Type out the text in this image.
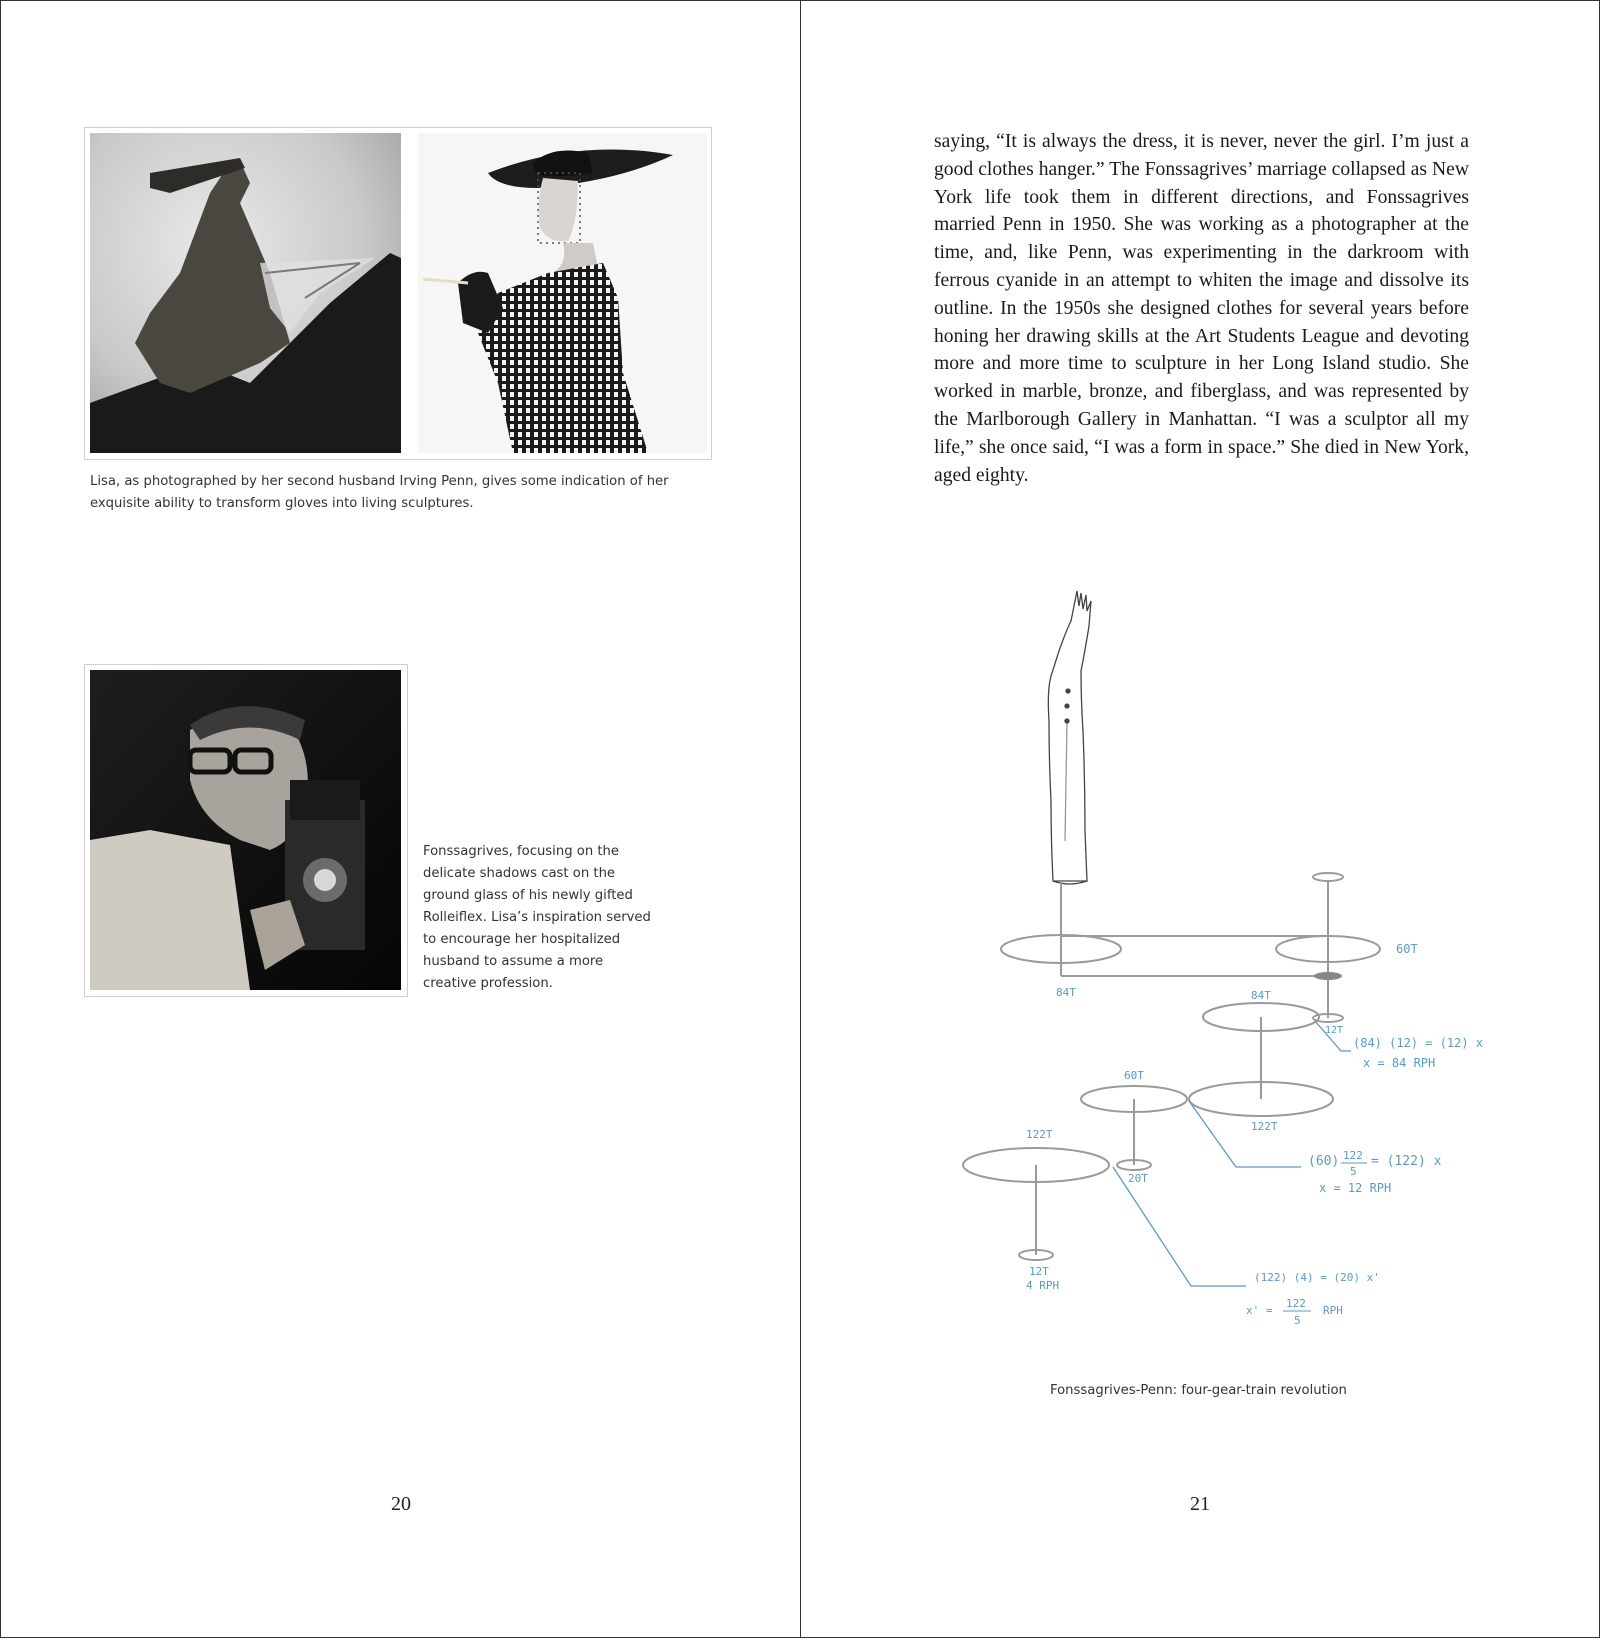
Lisa, as photographed by her second husband Irving Penn, gives some indication of her exquisite ability to transform gloves into living sculptures.
Fonssagrives, focusing on the delicate shadows cast on the ground glass of his newly gifted Rolleiflex. Lisa’s inspiration served to encourage her hospitalized husband to assume a more creative profession.
20
saying, “It is always the dress, it is never, never the girl. I’m just a good clothes hanger.” The Fonssagrives’ marriage collapsed as New York life took them in different directions, and Fonssagrives married Penn in 1950. She was working as a photographer at the time, and, like Penn, was experimenting in the darkroom with ferrous cyanide in an attempt to whiten the image and dissolve its outline. In the 1950s she designed clothes for several years before honing her drawing skills at the Art Students League and devoting more and more time to sculpture in her Long Island studio. She worked in marble, bronze, and fiberglass, and was represented by the Marlborough Gallery in Manhattan. “I was a sculptor all my life,” she once said, “I was a form in space.” She died in New York, aged eighty.
60T
84T	84T
12T
(84) (12) = (12) x
x = 84 RPH
60T
122T
122T
20T
(60) 122
5
= (122) x
x = 12 RPH
12T
4 RPH
(122) (4) = (20) x'
x' =
122
5
RPH
Fonssagrives-Penn: four-gear-train revolution
21
